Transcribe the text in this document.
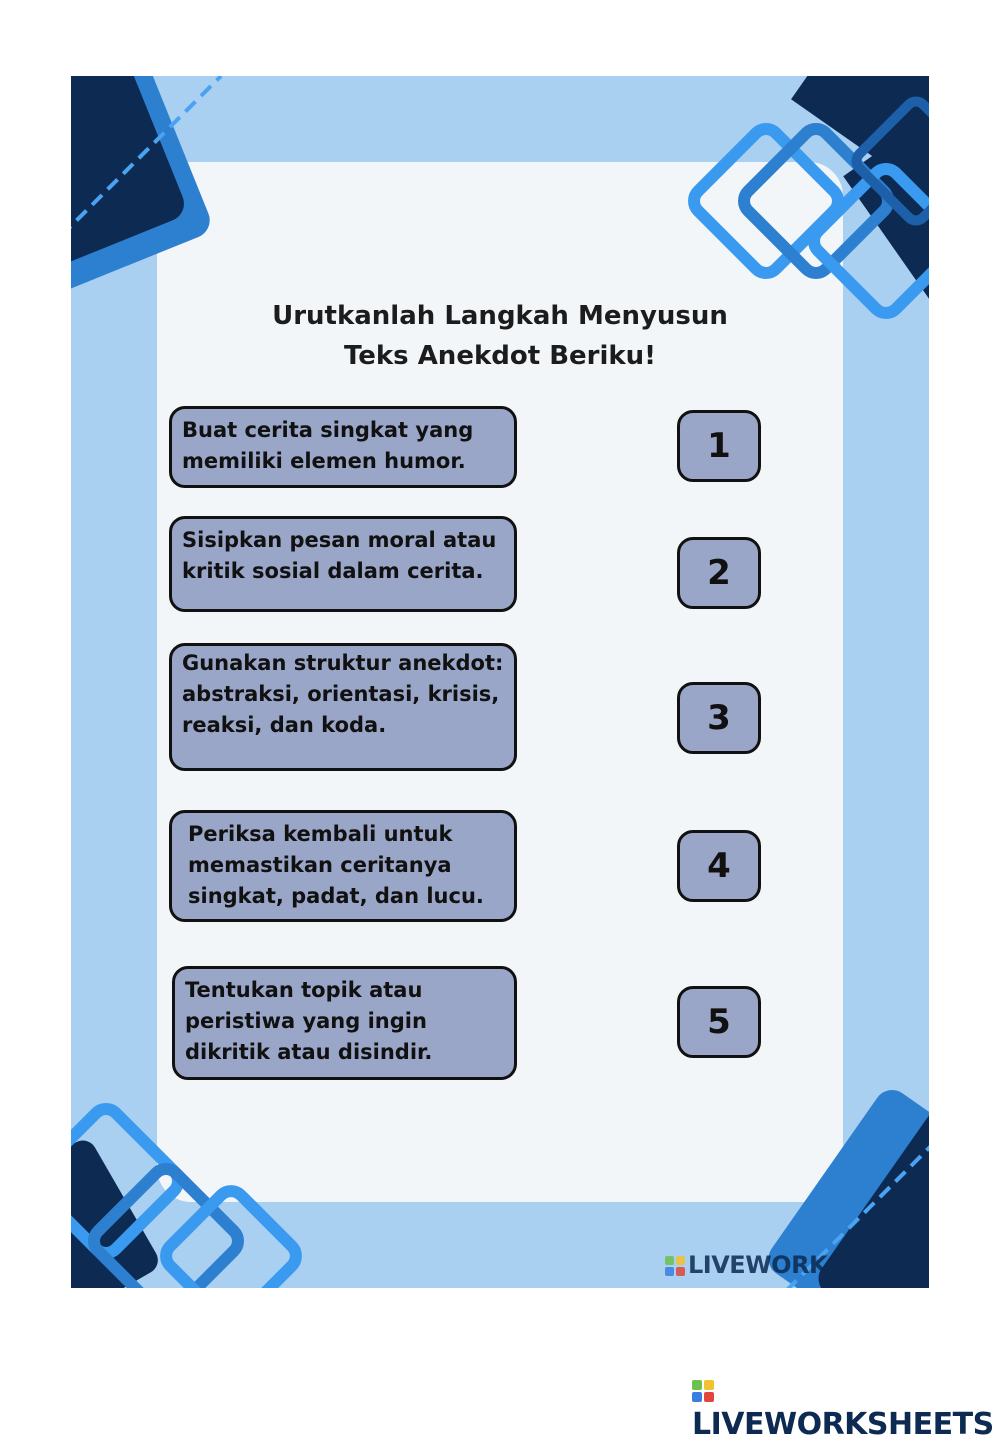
Urutkanlah Langkah Menyusun
Teks Anekdot Beriku!
Buat cerita singkat yang memiliki elemen humor.
Sisipkan pesan moral atau kritik sosial dalam cerita.
Gunakan struktur anekdot: abstraksi, orientasi, krisis, reaksi, dan koda.
Periksa kembali untuk memastikan ceritanya singkat, padat, dan lucu.
Tentukan topik atau peristiwa yang ingin dikritik atau disindir.
1
2
3
4
5
LIVEWORKSHEETS
LIVEWORKSHEETS
